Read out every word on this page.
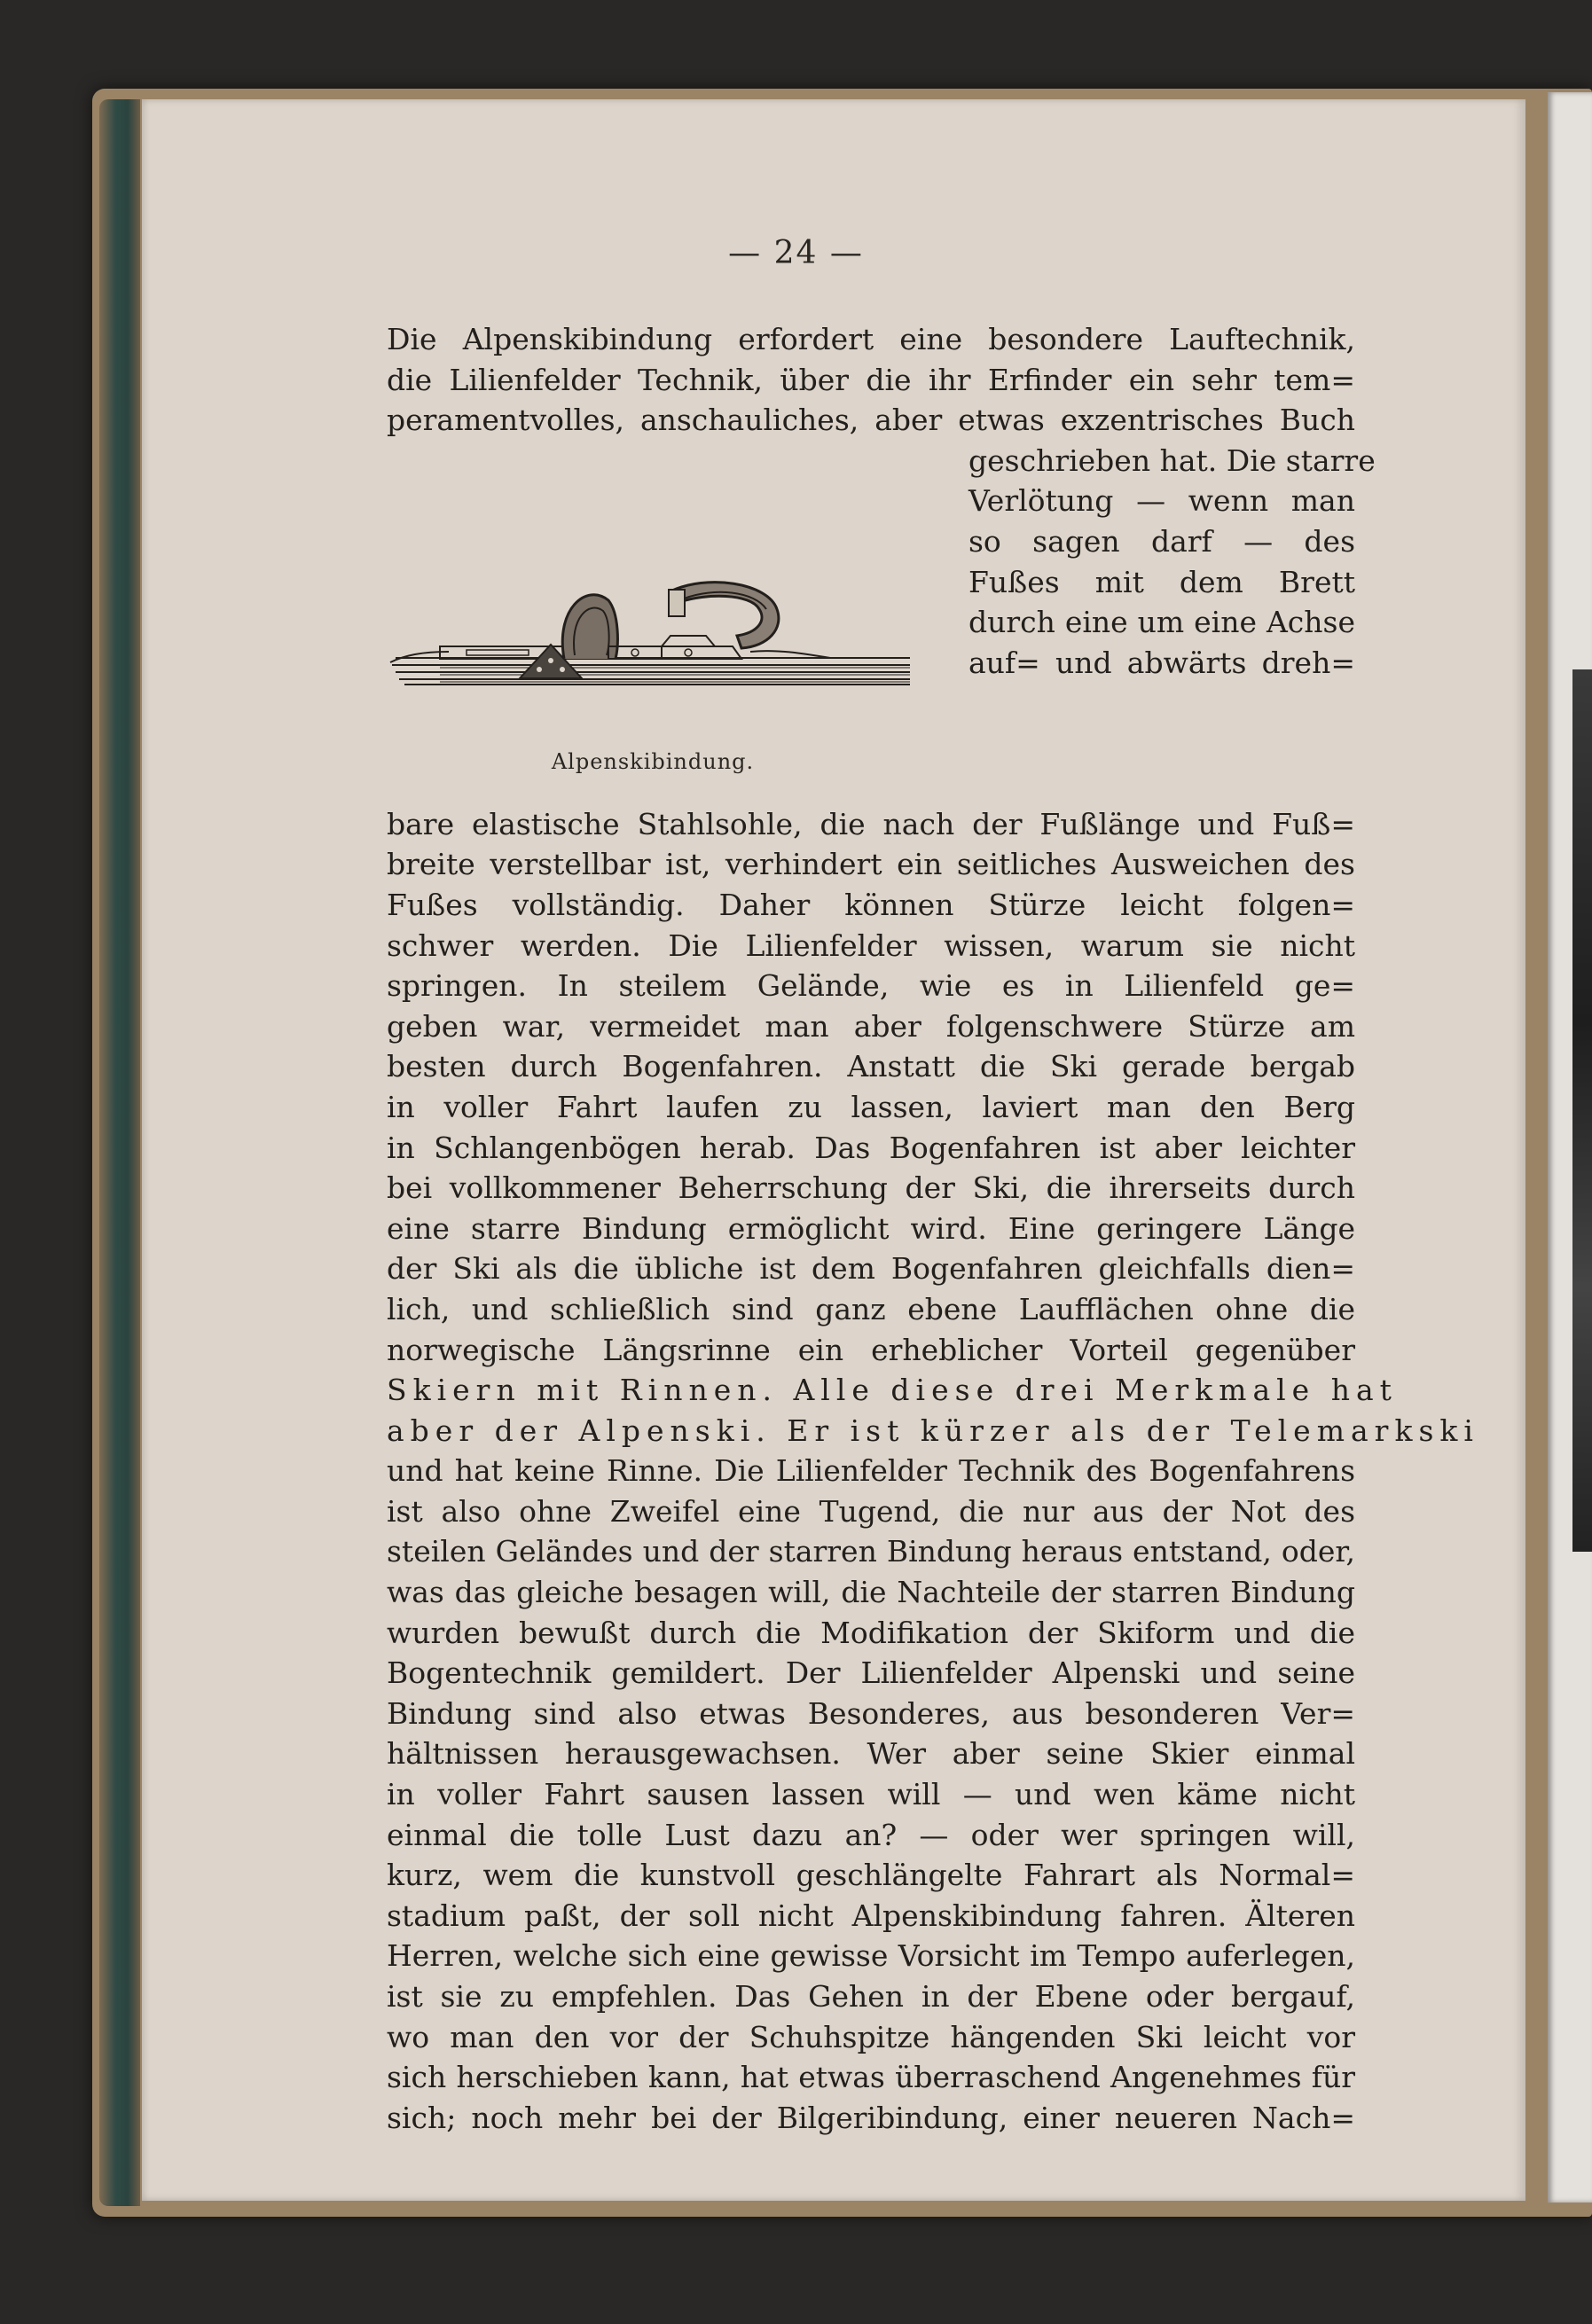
— 24 —
Die Alpenskibindung erfordert eine besondere Lauftechnik,
die Lilienfelder Technik, über die ihr Erfinder ein sehr tem=
peramentvolles, anschauliches, aber etwas exzentrisches Buch
Alpenskibindung.
geschrieben hat. Die starre
Verlötung — wenn man
so sagen darf — des
Fußes mit dem Brett
durch eine um eine Achse
auf= und abwärts dreh=
bare elastische Stahlsohle, die nach der Fußlänge und Fuß=
breite verstellbar ist, verhindert ein seitliches Ausweichen des
Fußes vollständig. Daher können Stürze leicht folgen=
schwer werden. Die Lilienfelder wissen, warum sie nicht
springen. In steilem Gelände, wie es in Lilienfeld ge=
geben war, vermeidet man aber folgenschwere Stürze am
besten durch Bogenfahren. Anstatt die Ski gerade bergab
in voller Fahrt laufen zu lassen, laviert man den Berg
in Schlangenbögen herab. Das Bogenfahren ist aber leichter
bei vollkommener Beherrschung der Ski, die ihrerseits durch
eine starre Bindung ermöglicht wird. Eine geringere Länge
der Ski als die übliche ist dem Bogenfahren gleichfalls dien=
lich, und schließlich sind ganz ebene Laufflächen ohne die
norwegische Längsrinne ein erheblicher Vorteil gegenüber
Skiern mit Rinnen. Alle diese drei Merkmale hat
aber der Alpenski. Er ist kürzer als der Telemarkski
und hat keine Rinne. Die Lilienfelder Technik des Bogenfahrens
ist also ohne Zweifel eine Tugend, die nur aus der Not des
steilen Geländes und der starren Bindung heraus entstand, oder,
was das gleiche besagen will, die Nachteile der starren Bindung
wurden bewußt durch die Modifikation der Skiform und die
Bogentechnik gemildert. Der Lilienfelder Alpenski und seine
Bindung sind also etwas Besonderes, aus besonderen Ver=
hältnissen herausgewachsen. Wer aber seine Skier einmal
in voller Fahrt sausen lassen will — und wen käme nicht
einmal die tolle Lust dazu an? — oder wer springen will,
kurz, wem die kunstvoll geschlängelte Fahrart als Normal=
stadium paßt, der soll nicht Alpenskibindung fahren. Älteren
Herren, welche sich eine gewisse Vorsicht im Tempo auferlegen,
ist sie zu empfehlen. Das Gehen in der Ebene oder bergauf,
wo man den vor der Schuhspitze hängenden Ski leicht vor
sich herschieben kann, hat etwas überraschend Angenehmes für
sich; noch mehr bei der Bilgeribindung, einer neueren Nach=
